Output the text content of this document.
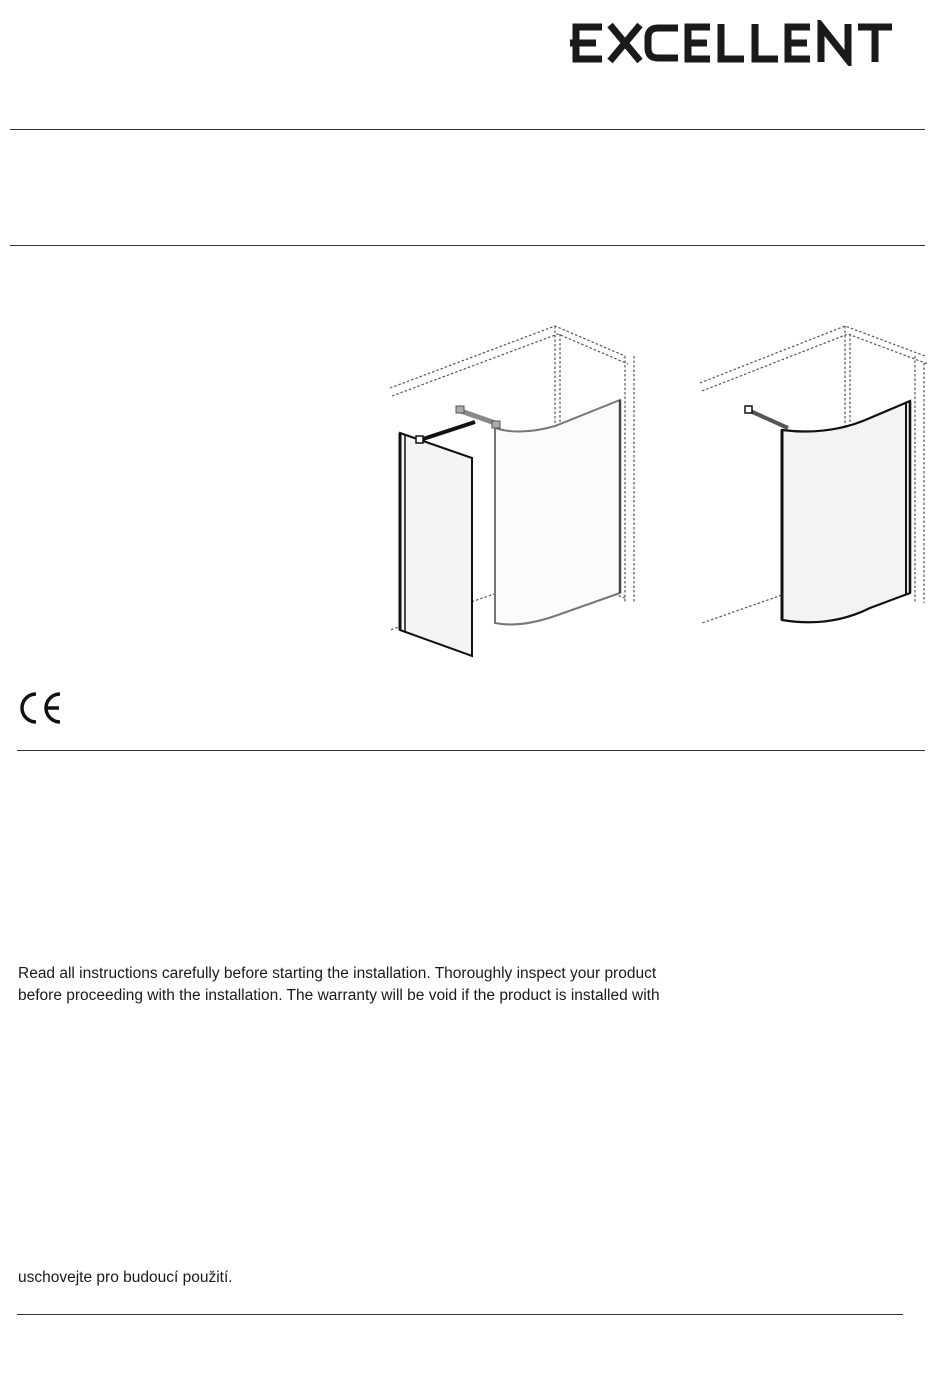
Read all instructions carefully before starting the installation. Thoroughly inspect your product
before proceeding with the installation. The warranty will be void if the product is installed with
uschovejte pro budoucí použití.
